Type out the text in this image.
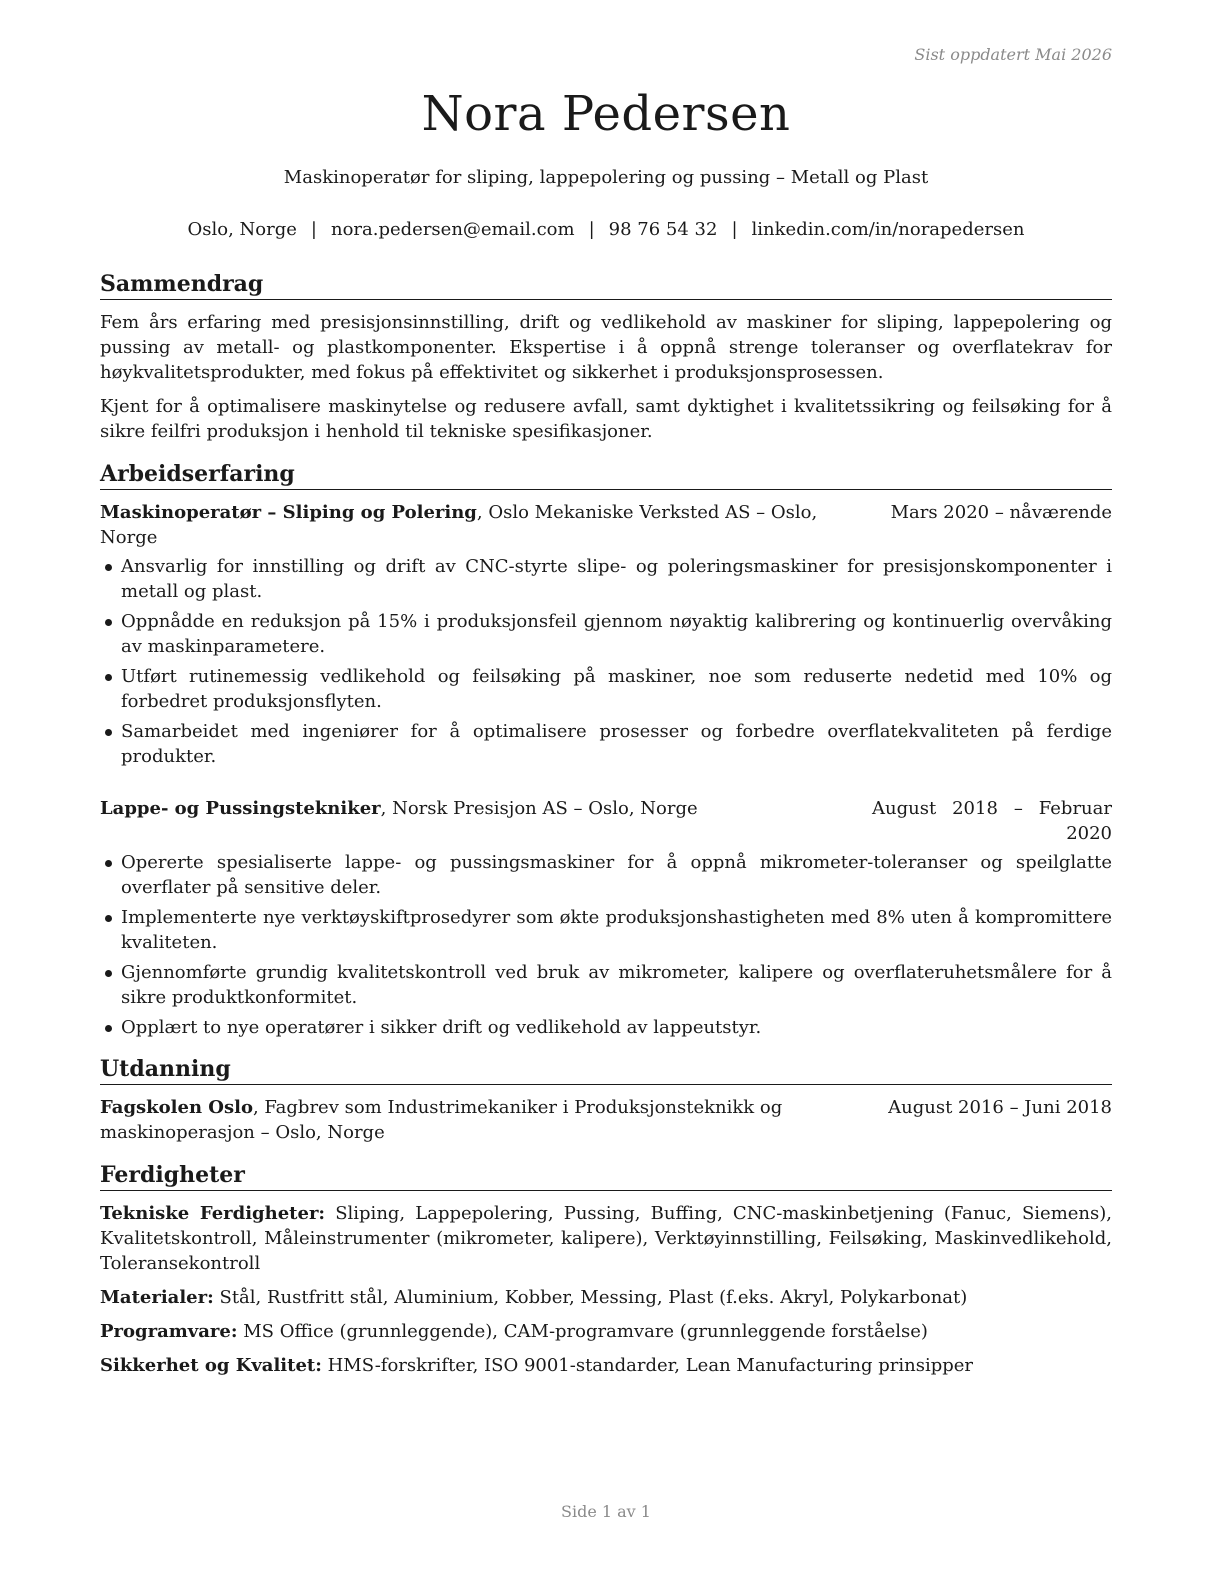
Sist oppdatert Mai 2026
Nora Pedersen
Maskinoperatør for sliping, lappepolering og pussing – Metall og Plast
Oslo, Norge | nora.pedersen@email.com | 98 76 54 32 | linkedin.com/in/norapedersen
Sammendrag

Fem års erfaring med presisjonsinnstilling, drift og vedlikehold av maskiner for sliping, lappepolering og pussing av metall- og plastkomponenter. Ekspertise i å oppnå strenge toleranser og overflatekrav for høykvalitetsprodukter, med fokus på effektivitet og sikkerhet i produksjonsprosessen.

Kjent for å optimalisere maskinytelse og redusere avfall, samt dyktighet i kvalitetssikring og feilsøking for å sikre feilfri produksjon i henhold til tekniske spesifikasjoner.

Arbeidserfaring
Maskinoperatør – Sliping og Polering, Oslo Mekaniske Verksted AS – Oslo, Norge
Mars 2020 – nåværende
Ansvarlig for innstilling og drift av CNC-styrte slipe- og poleringsmaskiner for presisjonskomponenter i metall og plast.
Oppnådde en reduksjon på 15% i produksjonsfeil gjennom nøyaktig kalibrering og kontinuerlig overvåking av maskinparametere.
Utført rutinemessig vedlikehold og feilsøking på maskiner, noe som reduserte nedetid med 10% og forbedret produksjonsflyten.
Samarbeidet med ingeniører for å optimalisere prosesser og forbedre overflatekvaliteten på ferdige produkter.
Lappe- og Pussingstekniker, Norsk Presisjon AS – Oslo, Norge	August 2018 – Februar 2020
Opererte spesialiserte lappe- og pussingsmaskiner for å oppnå mikrometer-toleranser og speilglatte overflater på sensitive deler.
Implementerte nye verktøyskiftprosedyrer som økte produksjonshastigheten med 8% uten å kompromittere kvaliteten.
Gjennomførte grundig kvalitetskontroll ved bruk av mikrometer, kalipere og overflateruhetsmålere for å sikre produktkonformitet.
Opplært to nye operatører i sikker drift og vedlikehold av lappeutstyr.
Utdanning
Fagskolen Oslo, Fagbrev som Industrimekaniker i Produksjonsteknikk og maskinoperasjon – Oslo, Norge
August 2016 – Juni 2018
Ferdigheter
Tekniske Ferdigheter: Sliping, Lappepolering, Pussing, Buffing, CNC-maskinbetjening (Fanuc, Siemens), Kvalitetskontroll, Måleinstrumenter (mikrometer, kalipere), Verktøyinnstilling, Feilsøking, Maskinvedlikehold, Toleransekontroll
Materialer: Stål, Rustfritt stål, Aluminium, Kobber, Messing, Plast (f.eks. Akryl, Polykarbonat)
Programvare: MS Office (grunnleggende), CAM-programvare (grunnleggende forståelse)
Sikkerhet og Kvalitet: HMS-forskrifter, ISO 9001-standarder, Lean Manufacturing prinsipper
Side 1 av 1
